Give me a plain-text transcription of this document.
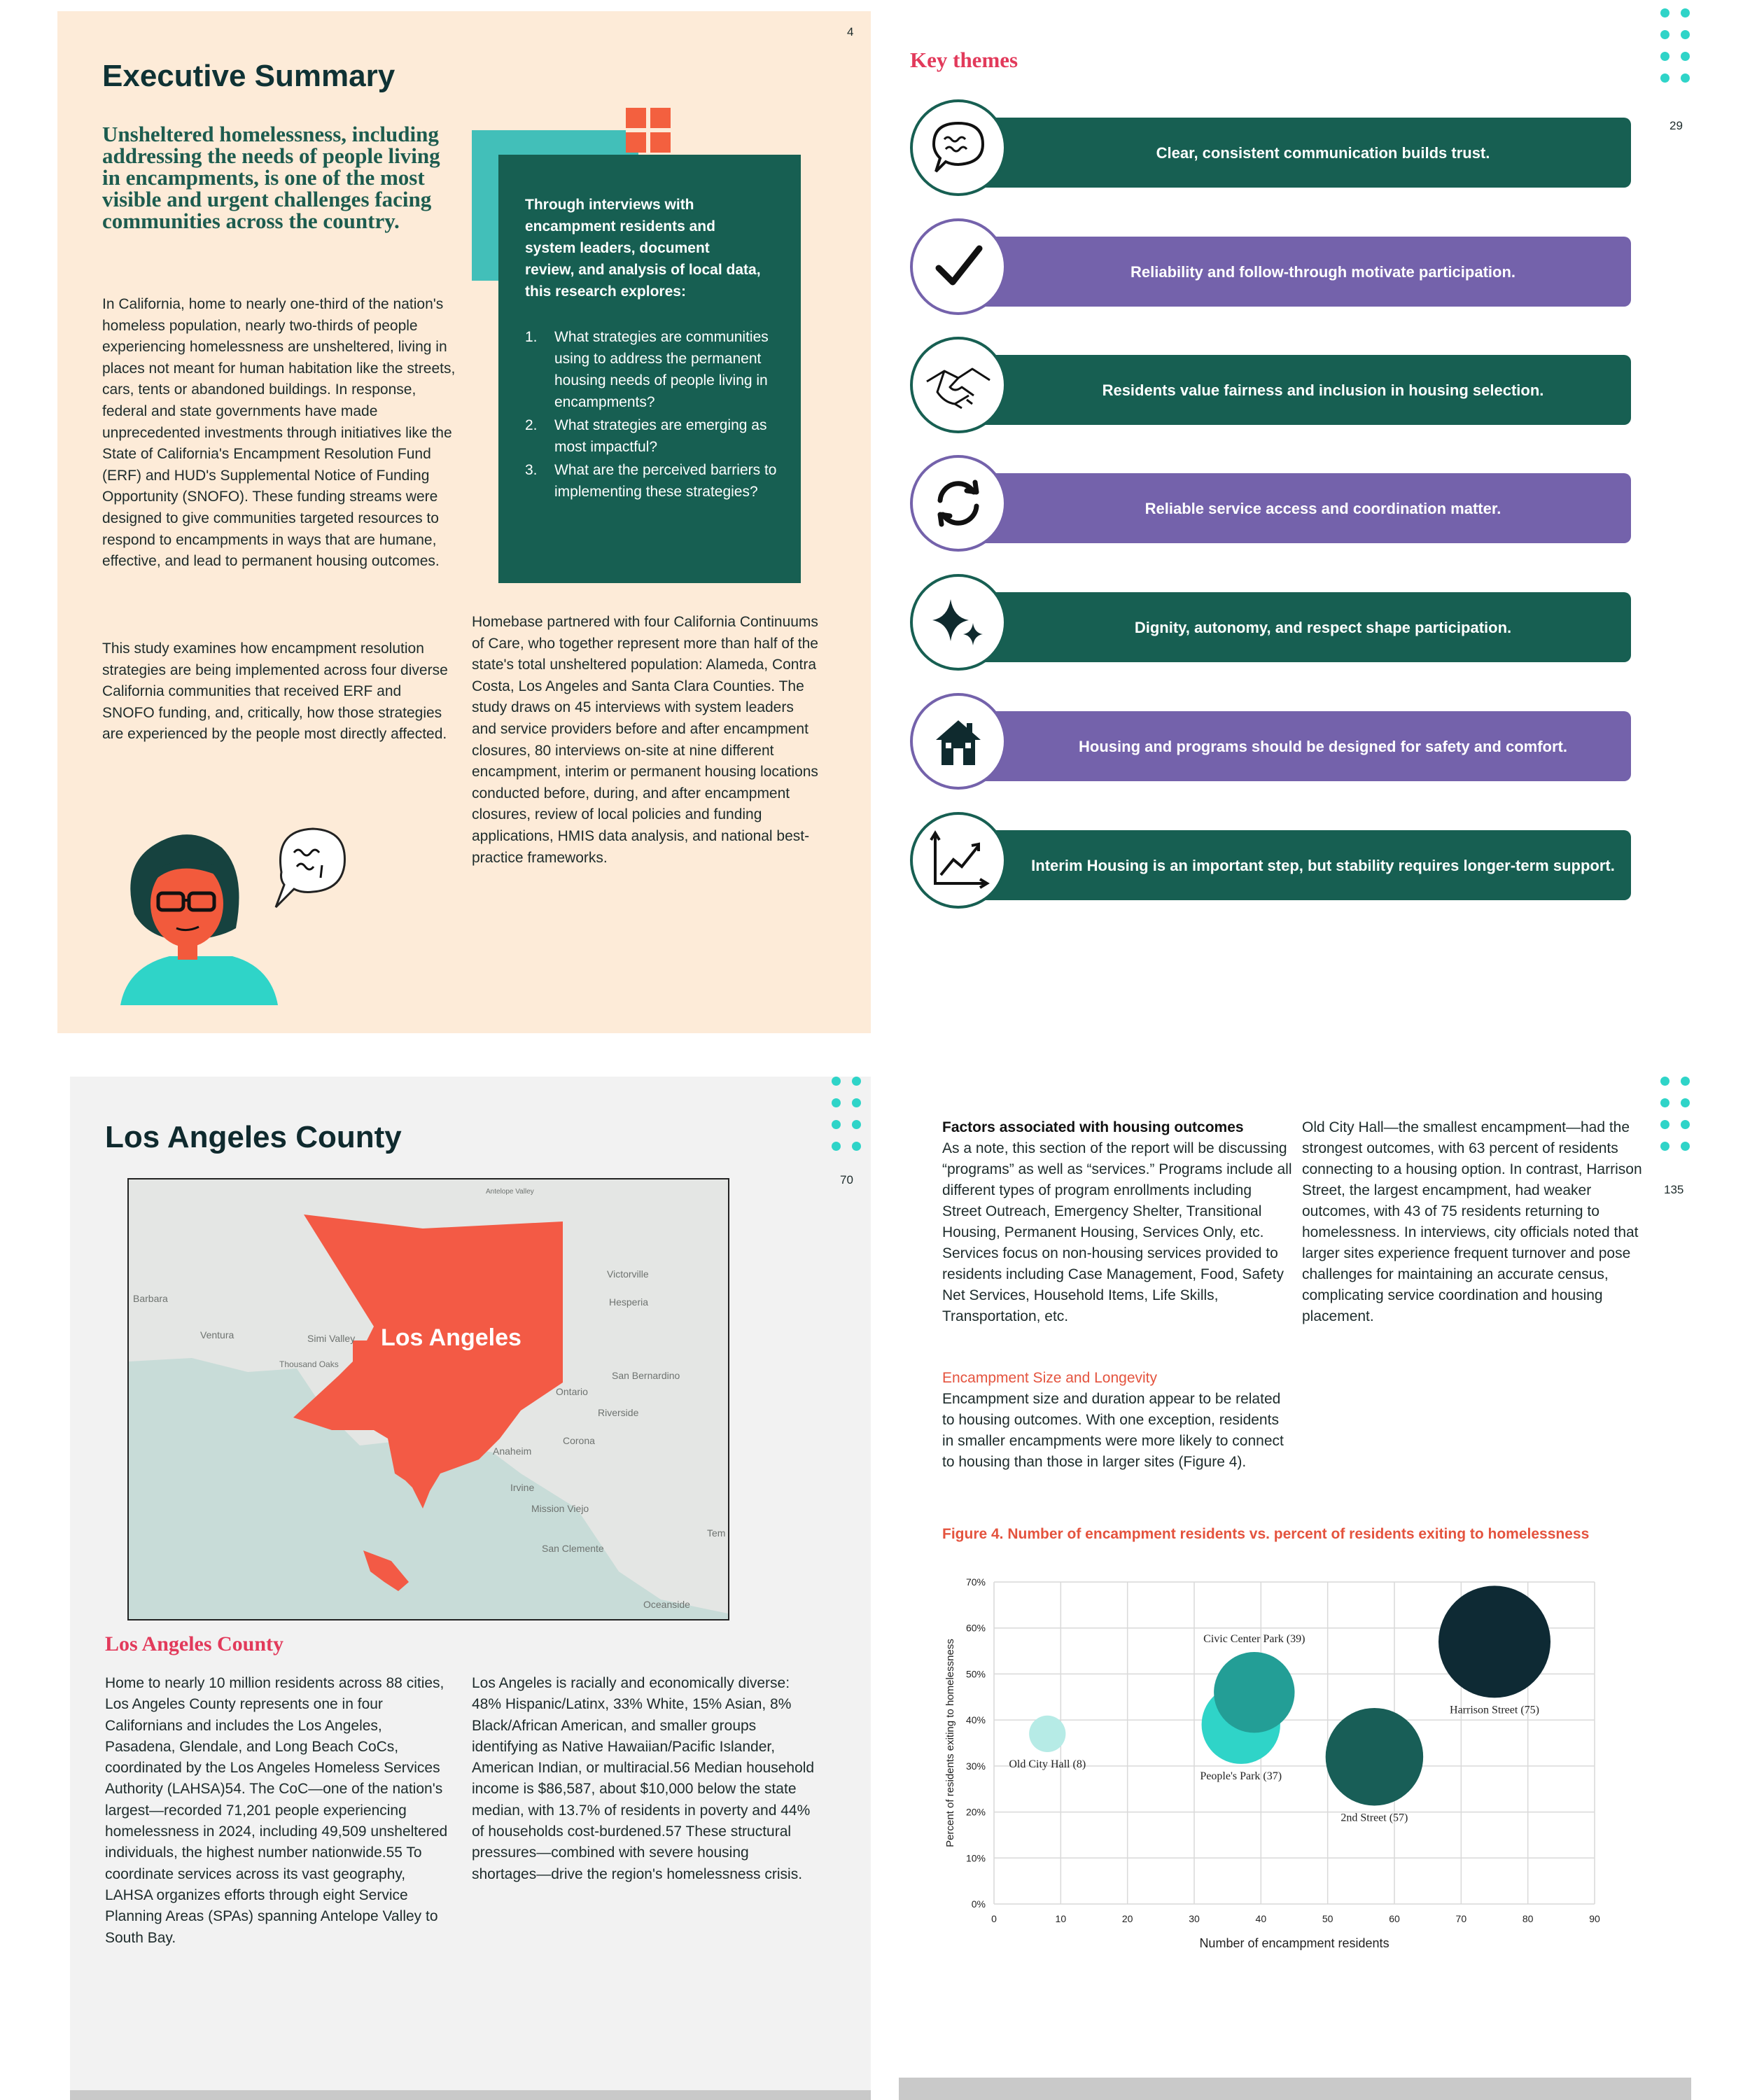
4
Executive Summary

Unsheltered homelessness, including addressing the needs of people living in encampments, is one of the most visible and urgent challenges facing communities across the country.

In California, home to nearly one-third of the nation's homeless population, nearly two-thirds of people experiencing homelessness are unsheltered, living in places not meant for human habitation like the streets, cars, tents or abandoned buildings. In response, federal and state governments have made unprecedented investments through initiatives like the State of California's Encampment Resolution Fund (ERF) and HUD's Supplemental Notice of Funding Opportunity (SNOFO). These funding streams were designed to give communities targeted resources to respond to encampments in ways that are humane, effective, and lead to permanent housing outcomes.

This study examines how encampment resolution strategies are being implemented across four diverse California communities that received ERF and SNOFO funding, and, critically, how those strategies are experienced by the people most directly affected.

Through interviews with encampment residents and system leaders, document review, and analysis of local data, this research explores:

1. What strategies are communities using to address the permanent housing needs of people living in encampments?
2. What strategies are emerging as most impactful?
3. What are the perceived barriers to implementing these strategies?

Homebase partnered with four California Continuums of Care, who together represent more than half of the state's total unsheltered population: Alameda, Contra Costa, Los Angeles and Santa Clara Counties. The study draws on 45 interviews with system leaders and service providers before and after encampment closures, 80 interviews on-site at nine different encampment, interim or permanent housing locations conducted before, during, and after encampment closures, review of local policies and funding applications, HMIS data analysis, and national best-practice frameworks.

29
Key themes
Clear, consistent communication builds trust.
Reliability and follow-through motivate participation.
Residents value fairness and inclusion in housing selection.
Reliable service access and coordination matter.
Dignity, autonomy, and respect shape participation.
Housing and programs should be designed for safety and comfort.
Interim Housing is an important step, but stability requires longer-term support.
Los Angeles County
70
Los Angeles County

Home to nearly 10 million residents across 88 cities, Los Angeles County represents one in four Californians and includes the Los Angeles, Pasadena, Glendale, and Long Beach CoCs, coordinated by the Los Angeles Homeless Services Authority (LAHSA)54. The CoC—one of the nation's largest—recorded 71,201 people experiencing homelessness in 2024, including 49,509 unsheltered individuals, the highest number nationwide.55 To coordinate services across its vast geography, LAHSA organizes efforts through eight Service Planning Areas (SPAs) spanning Antelope Valley to South Bay.

Los Angeles is racially and economically diverse: 48% Hispanic/Latinx, 33% White, 15% Asian, 8% Black/African American, and smaller groups identifying as Native Hawaiian/Pacific Islander, American Indian, or multiracial.56 Median household income is $86,587, about $10,000 below the state median, with 13.7% of residents in poverty and 44% of households cost-burdened.57 These structural pressures—combined with severe housing shortages—drive the region's homelessness crisis.

Los Angeles
Antelope Valley
Victorville
Hesperia
Barbara
Ventura	Simi Valley
Thousand Oaks
San Bernardino
Ontario
Riverside
Anaheim
Corona
Irvine
Mission Viejo
Tem
San Clemente
Oceanside
135
Factors associated with housing outcomes
As a note, this section of the report will be discussing “programs” as well as “services.” Programs include all different types of program enrollments including Street Outreach, Emergency Shelter, Transitional Housing, Permanent Housing, Services Only, etc. Services focus on non-housing services provided to residents including Case Management, Food, Safety Net Services, Household Items, Life Skills, Transportation, etc.

Old City Hall—the smallest encampment—had the strongest outcomes, with 63 percent of residents connecting to a housing option. In contrast, Harrison Street, the largest encampment, had weaker outcomes, with 43 of 75 residents returning to homelessness. In interviews, city officials noted that larger sites experience frequent turnover and pose challenges for maintaining an accurate census, complicating service coordination and housing placement.

Encampment Size and Longevity
Encampment size and duration appear to be related to housing outcomes. With one exception, residents in smaller encampments were more likely to connect to housing than those in larger sites (Figure 4).
Figure 4. Number of encampment residents vs. percent of residents exiting to homelessness
0%
10%
20%
30%
40%
50%
60%
70%
0	10	20	30	40	50	60	70	80	90
Old City Hall (8)
People's Park (37)
Civic Center Park (39)
2nd Street (57)
Harrison Street (75)
Number of encampment residents
Percent of residents exiting to homelessness
